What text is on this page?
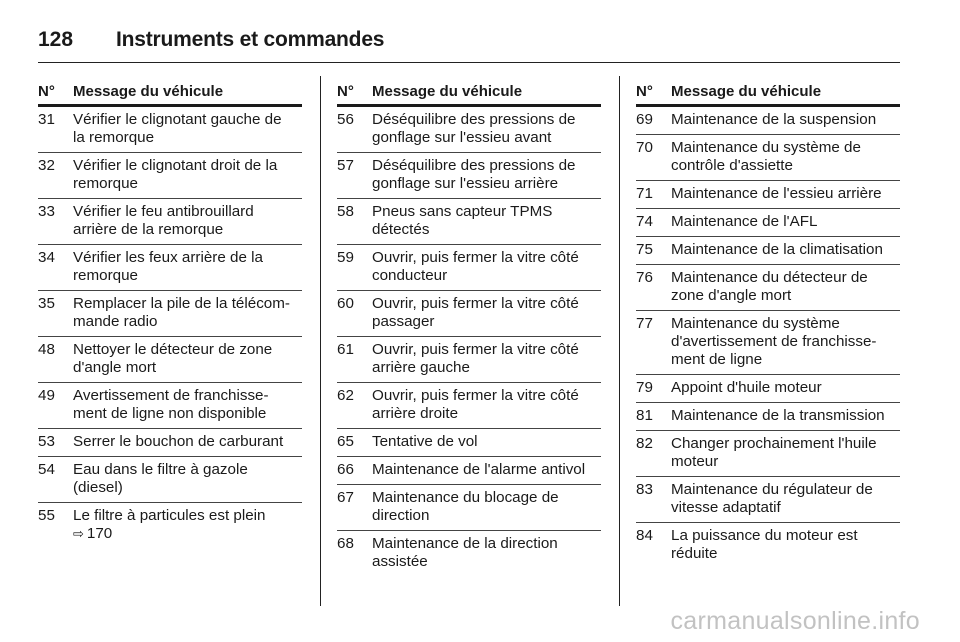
128	Instruments et commandes
N°	Message du véhicule
31	Vérifier le clignotant gauche de
la remorque
32	Vérifier le clignotant droit de la
remorque
33	Vérifier le feu antibrouillard
arrière de la remorque
34	Vérifier les feux arrière de la
remorque
35	Remplacer la pile de la télécom-
mande radio
48	Nettoyer le détecteur de zone
d'angle mort
49	Avertissement de franchisse-
ment de ligne non disponible
53	Serrer le bouchon de carburant
54	Eau dans le filtre à gazole
(diesel)
55	Le filtre à particules est plein
⇨ 170
N°	Message du véhicule
56	Déséquilibre des pressions de
gonflage sur l'essieu avant
57	Déséquilibre des pressions de
gonflage sur l'essieu arrière
58	Pneus sans capteur TPMS
détectés
59	Ouvrir, puis fermer la vitre côté
conducteur
60	Ouvrir, puis fermer la vitre côté
passager
61	Ouvrir, puis fermer la vitre côté
arrière gauche
62	Ouvrir, puis fermer la vitre côté
arrière droite
65	Tentative de vol
66	Maintenance de l'alarme antivol
67	Maintenance du blocage de
direction
68	Maintenance de la direction
assistée
N°	Message du véhicule
69	Maintenance de la suspension
70	Maintenance du système de
contrôle d'assiette
71	Maintenance de l'essieu arrière
74	Maintenance de l'AFL
75	Maintenance de la climatisation
76	Maintenance du détecteur de
zone d'angle mort
77	Maintenance du système
d'avertissement de franchisse-
ment de ligne
79	Appoint d'huile moteur
81	Maintenance de la transmission
82	Changer prochainement l'huile
moteur
83	Maintenance du régulateur de
vitesse adaptatif
84	La puissance du moteur est
réduite
carmanualsonline.info
